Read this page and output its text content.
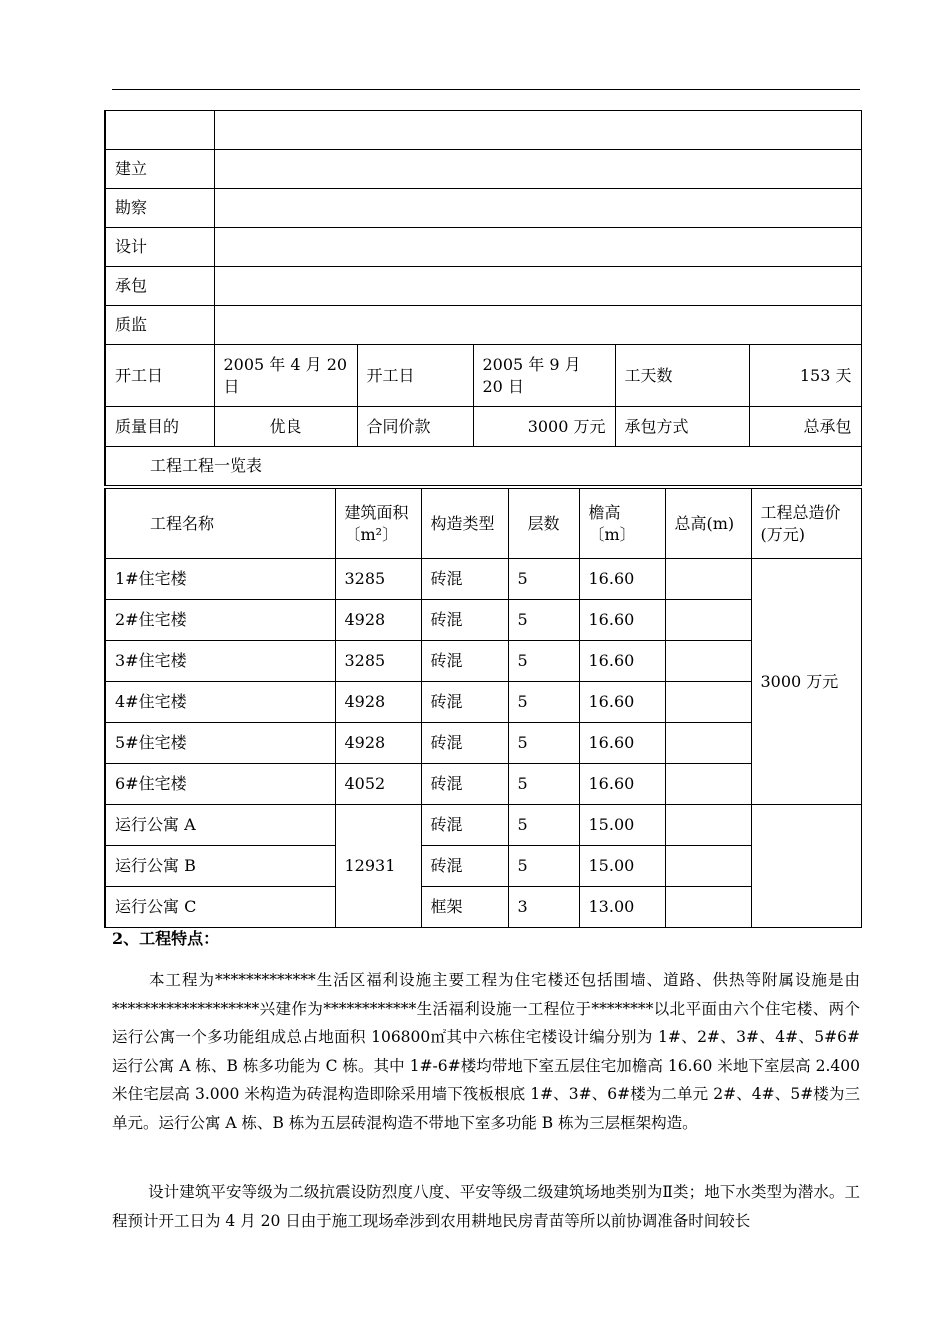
建立					
勘察					
设计					
承包					
质监					
开工日	2005 年 4 月 20 日	开工日	2005 年 9 月 20 日	工天数	153 天
质量目的	优良	合同价款	3000 万元	承包方式	总承包
工程工程一览表					
工程名称	建筑面积〔m²〕	构造类型	层数	檐高〔m〕	总高(m)	工程总造价(万元)
1#住宅楼	3285	砖混	5	16.60		3000 万元
2#住宅楼	4928	砖混	5	16.60		
3#住宅楼	3285	砖混	5	16.60		
4#住宅楼	4928	砖混	5	16.60		
5#住宅楼	4928	砖混	5	16.60		
6#住宅楼	4052	砖混	5	16.60		
运行公寓 A	12931	砖混	5	15.00		
运行公寓 B		砖混	5	15.00		
运行公寓 C		框架	3	13.00		
2、工程特点：
本工程为*************生活区福利设施主要工程为住宅楼还包括围墙、道路、供热等附属设施是由*******************兴建作为************生活福利设施一工程位于********以北平面由六个住宅楼、两个运行公寓一个多功能组成总占地面积 106800㎡其中六栋住宅楼设计编分别为 1#、2#、3#、4#、5#6#运行公寓 A 栋、B 栋多功能为 C 栋。其中 1#-6#楼均带地下室五层住宅加檐高 16.60 米地下室层高 2.400 米住宅层高 3.000 米构造为砖混构造即除采用墙下筏板根底 1#、3#、6#楼为二单元 2#、4#、5#楼为三单元。运行公寓 A 栋、B 栋为五层砖混构造不带地下室多功能 B 栋为三层框架构造。
设计建筑平安等级为二级抗震设防烈度八度、平安等级二级建筑场地类别为Ⅱ类；地下水类型为潜水。工程预计开工日为 4 月 20 日由于施工现场牵涉到农用耕地民房青苗等所以前协调准备时间较长
